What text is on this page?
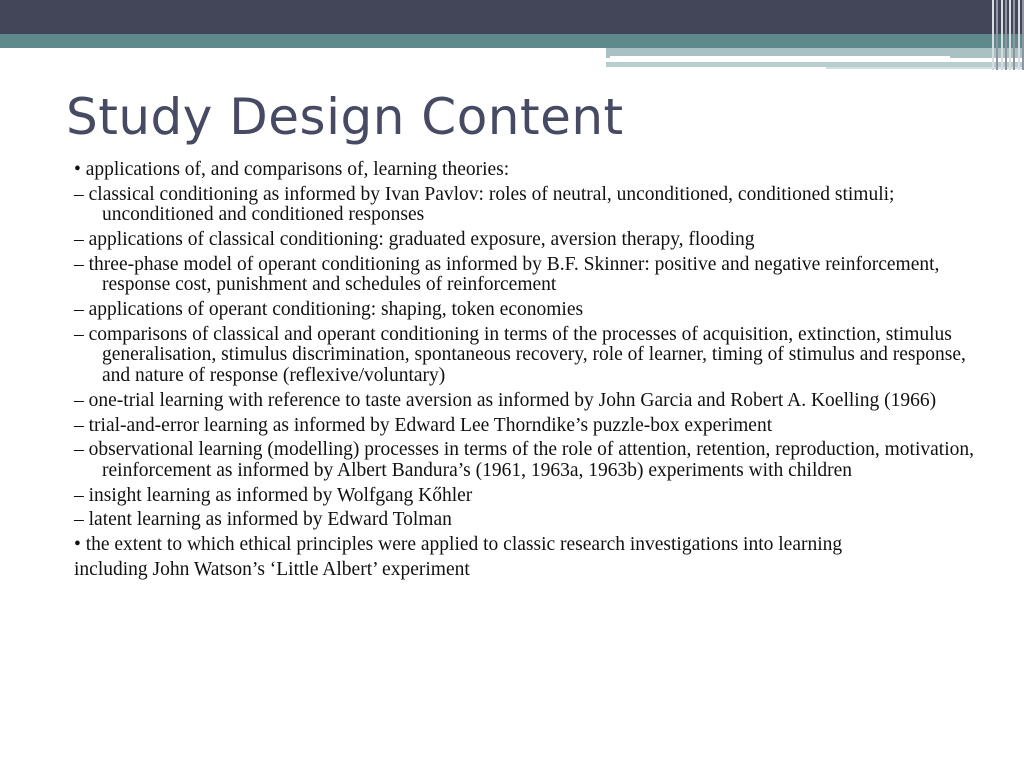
Study Design Content

• applications of, and comparisons of, learning theories:

– classical conditioning as informed by Ivan Pavlov: roles of neutral, unconditioned, conditioned stimuli; unconditioned and conditioned responses

– applications of classical conditioning: graduated exposure, aversion therapy, flooding

– three-phase model of operant conditioning as informed by B.F. Skinner: positive and negative reinforcement, response cost, punishment and schedules of reinforcement

– applications of operant conditioning: shaping, token economies

– comparisons of classical and operant conditioning in terms of the processes of acquisition, extinction, stimulus generalisation, stimulus discrimination, spontaneous recovery, role of learner, timing of stimulus and response, and nature of response (reflexive/voluntary)

– one-trial learning with reference to taste aversion as informed by John Garcia and Robert A. Koelling (1966)

– trial-and-error learning as informed by Edward Lee Thorndike’s puzzle-box experiment

– observational learning (modelling) processes in terms of the role of attention, retention, reproduction, motivation, reinforcement as informed by Albert Bandura’s (1961, 1963a, 1963b) experiments with children

– insight learning as informed by Wolfgang Kőhler

– latent learning as informed by Edward Tolman

• the extent to which ethical principles were applied to classic research investigations into learning

including John Watson’s ‘Little Albert’ experiment
